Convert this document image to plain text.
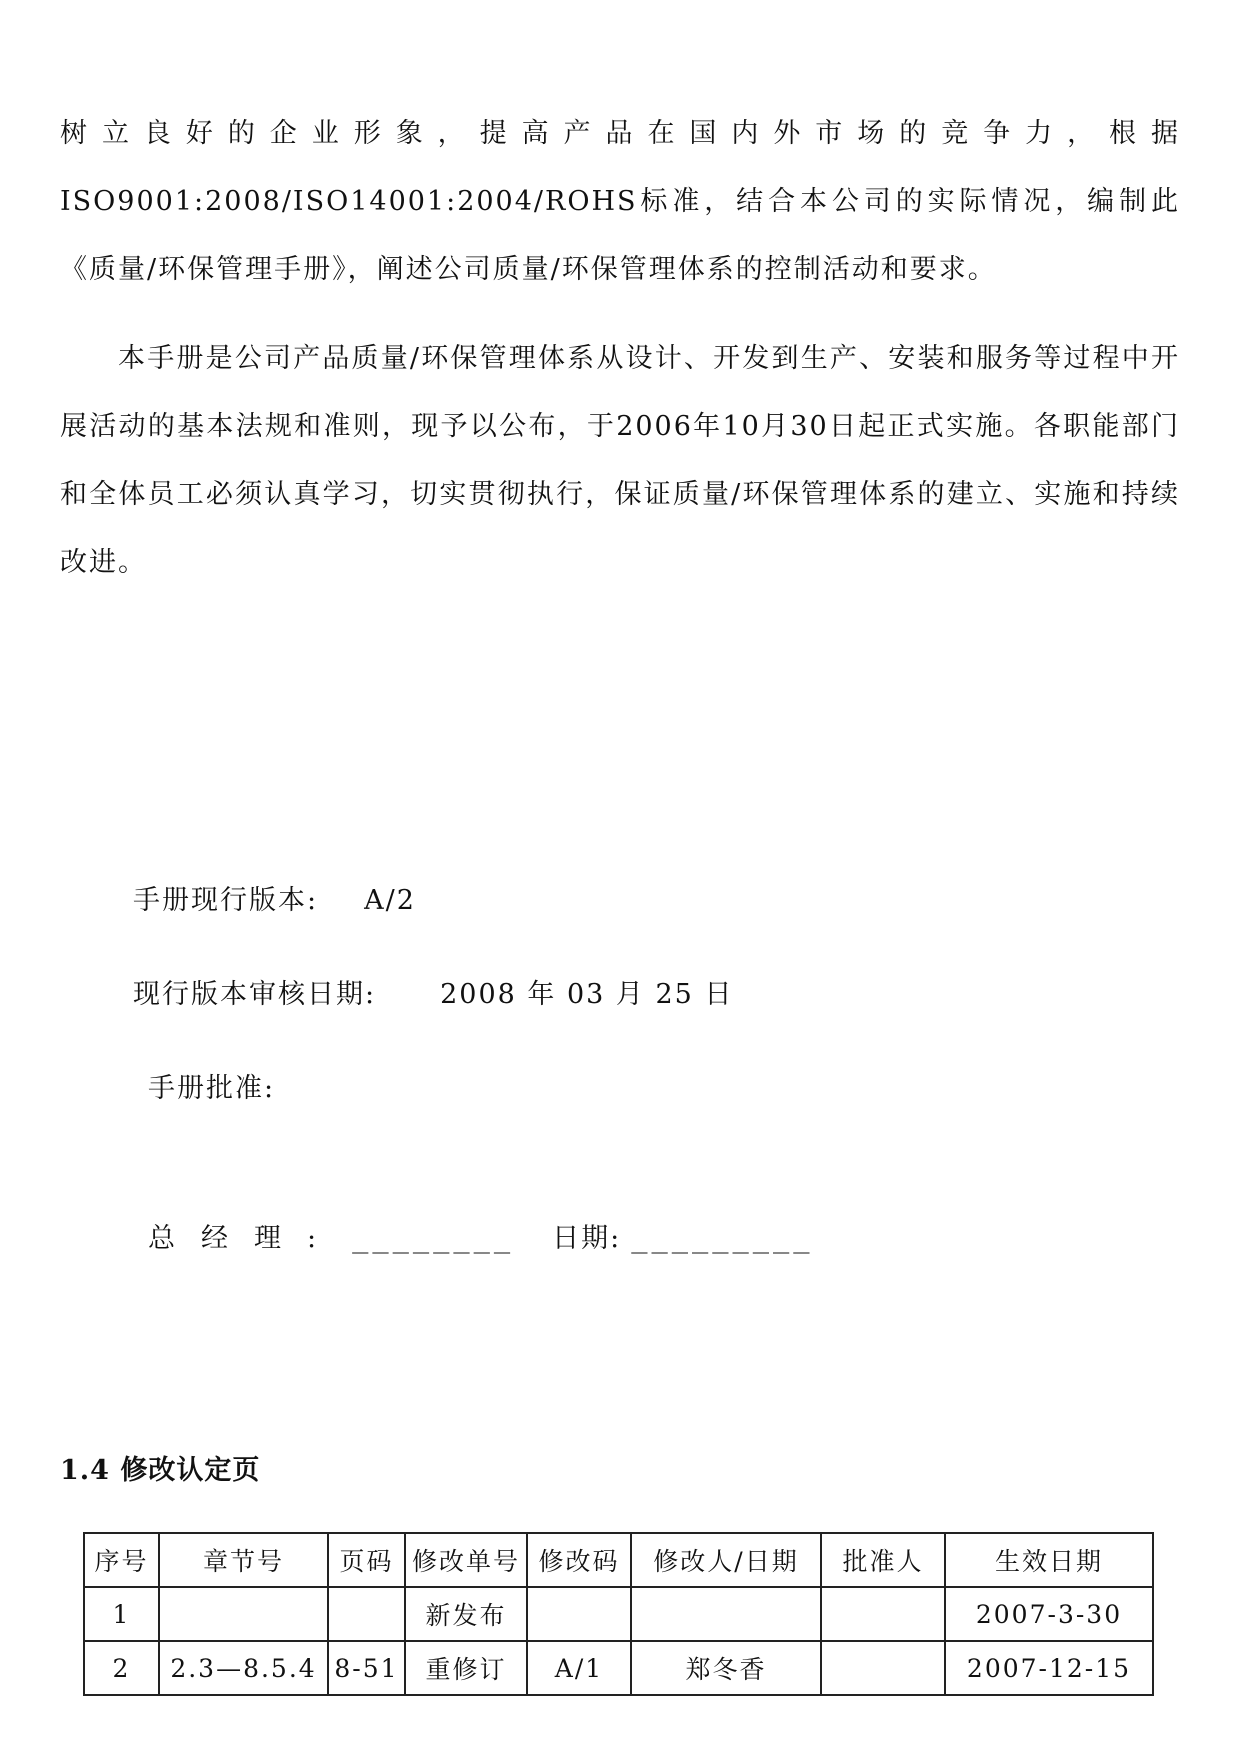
树立良好的企业形象，提高产品在国内外市场的竞争力，根据ISO9001:2008/ISO14001:2004/ROHS标准，结合本公司的实际情况，编制此《质量/环保管理手册》，阐述公司质量/环保管理体系的控制活动和要求。

本手册是公司产品质量/环保管理体系从设计、开发到生产、安装和服务等过程中开展活动的基本法规和准则，现予以公布，于2006年10月30日起正式实施。各职能部门和全体员工必须认真学习，切实贯彻执行，保证质量/环保管理体系的建立、实施和持续改进。

手册现行版本: A/2
现行版本审核日期: 2008 年 03 月 25 日
手册批准:
总经理: ________ 日期: _________
1.4 修改认定页
序号	章节号	页码	修改单号	修改码	修改人/日期	批准人	生效日期
1			新发布				2007-3-30
2	2.3—8.5.4	8-51	重修订	A/1	郑冬香		2007-12-15
